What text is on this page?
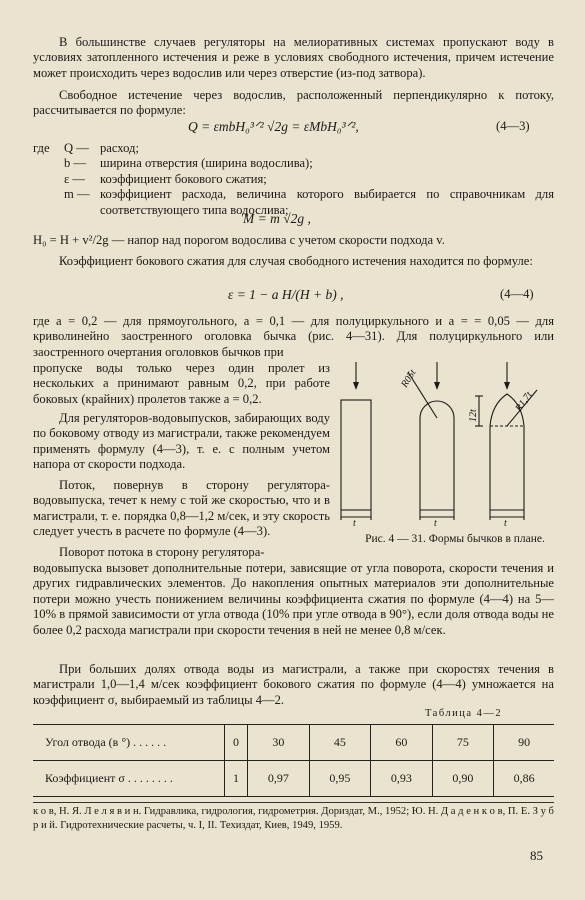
В большинстве случаев регуляторы на мелиоративных системах пропускают воду в условиях затопленного истечения и реже в условиях свободного истечения, причем истечение может происходить через водослив или через отверстие (из-под затвора).

Свободное истечение через водослив, расположенный перпендикулярно к потоку, рассчитывается по формуле:

Q = εmbH₀³ᐟ² √2g = εMbH₀³ᐟ²,	(4—3)
где Q — расход;
b —	ширина отверстия (ширина водослива);
ε —	коэффициент бокового сжатия;
m — коэффициент расхода, величина которого выбирается по справочникам для соответствующего типа водослива;
M = m √2g ,
H₀ = H + v²/2g — напор над порогом водослива с учетом скорости подхода v.

Коэффициент бокового сжатия для случая свободного истечения находится по формуле:

ε = 1 − a H/(H + b) ,	(4—4)

где a = 0,2 — для прямоугольного, a = 0,1 — для полуциркульного и a = = 0,05 — для криволинейно заостренного оголовка бычка (рис. 4—31). Для полуциркульного или заостренного очертания оголовков бычков при

пропуске воды только через один пролет из нескольких a принимают равным 0,2, при работе боковых (крайних) пролетов также a = 0,2.

Для регуляторов-водовыпусков, забирающих воду по боковому отводу из магистрали, также рекомендуем применять формулу (4—3), т. е. с полным учетом напора от скорости подхода.

Поток, повернув в сторону регулятора-водовыпуска, течет к нему с той же скоростью, что и в магистрали, т. е. порядка 0,8—1,2 м/сек, и эту скорость следует учесть в расчете по формуле (4—3).

Поворот потока в сторону регулятора-

водовыпуска вызовет дополнительные потери, зависящие от угла поворота, скорости течения и других гидравлических элементов. До накопления опытных материалов эти дополнительные потери можно учесть понижением величины коэффициента сжатия по формуле (4—4) на 5—10% в прямой зависимости от угла отвода (10% при угле отвода в 90°), если доля отвода воды не более 0,2 расхода магистрали при скорости течения в ней не менее 0,8 м/сек.

При больших долях отвода воды из магистрали, а также при скоростях течения в магистрали 1,0—1,4 м/сек коэффициент бокового сжатия по формуле (4—4) умножается на коэффициент σ, выбираемый из таблицы 4—2.

R05t
12t
R1,7t
t	t	t
Рис. 4 — 31. Формы бычков в плане.
Таблица 4—2
Угол отвода (в °) . . . . . .	0	30	45	60	75	90
Коэффициент σ . . . . . . . .	1	0,97	0,95	0,93	0,90	0,86
к о в, Н. Я. Л е л я в и н. Гидравлика, гидрология, гидрометрия. Дориздат, М., 1952; Ю. Н. Д а д е н к о в, П. Е. З у б р и й. Гидротехнические расчеты, ч. I, II. Техиздат, Киев, 1949, 1959.
85
